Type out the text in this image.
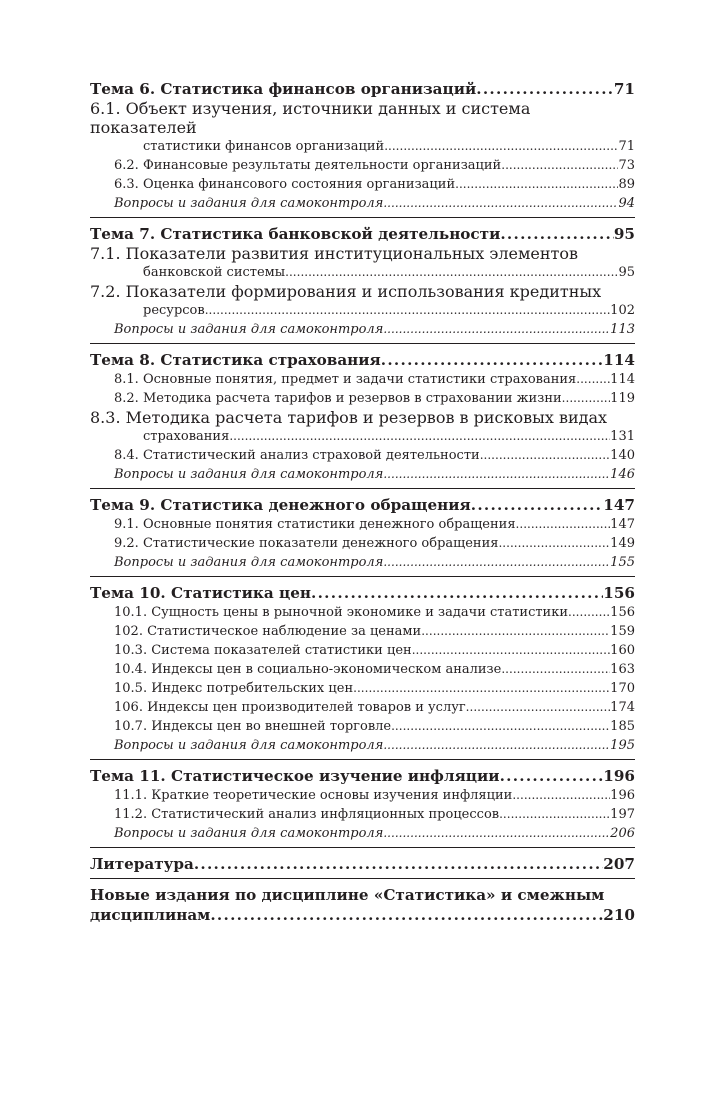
Тема 6. Статистика финансов организаций . . .	71
6.1. Объект изучения, источники данных и система показателей
статистики финансов организаций . . .	71
6.2. Финансовые результаты деятельности организаций . . .	73
6.3. Оценка финансового состояния организаций . . .	89
Вопросы и задания для самоконтроля . . .	94
Тема 7. Статистика банковской деятельности . . .	95
7.1. Показатели развития институциональных элементов
банковской системы . . .	95
7.2. Показатели формирования и использования кредитных
ресурсов . . .	102
Вопросы и задания для самоконтроля . . .	113
Тема 8. Статистика страхования . . .	114
8.1. Основные понятия, предмет и задачи статистики страхования . . .	114
8.2. Методика расчета тарифов и резервов в страховании жизни . . .	119
8.3. Методика расчета тарифов и резервов в рисковых видах
страхования . . .	131
8.4. Статистический анализ страховой деятельности . . .	140
Вопросы и задания для самоконтроля . . .	146
Тема 9. Статистика денежного обращения . . .	147
9.1. Основные понятия статистики денежного обращения . . .	147
9.2. Статистические показатели денежного обращения . . .	149
Вопросы и задания для самоконтроля . . .	155
Тема 10. Статистика цен . . .	156
10.1. Сущность цены в рыночной экономике и задачи статистики . . .	156
102. Статистическое наблюдение за ценами . . .	159
10.3. Система показателей статистики цен . . .	160
10.4. Индексы цен в социально-экономическом анализе . . .	163
10.5. Индекс потребительских цен . . .	170
106. Индексы цен производителей товаров и услуг . . .	174
10.7. Индексы цен во внешней торговле . . .	185
Вопросы и задания для самоконтроля . . .	195
Тема 11. Статистическое изучение инфляции . . .	196
11.1. Краткие теоретические основы изучения инфляции . . .	196
11.2. Статистический анализ инфляционных процессов . . .	197
Вопросы и задания для самоконтроля . . .	206
Литература . . .	207
Новые издания по дисциплине «Статистика» и смежным
дисциплинам . . .	210
